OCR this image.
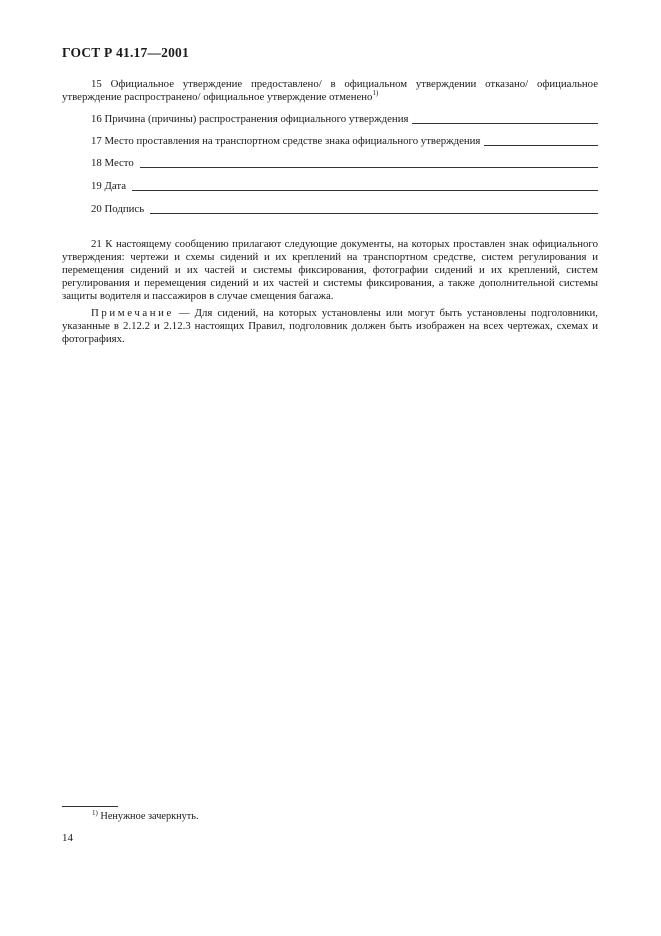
ГОСТ Р 41.17—2001
15 Официальное утверждение предоставлено/ в официальном утверждении отказано/ официальное утверждение распространено/ официальное утверждение отменено$^{1)}$
16 Причина (причины) распространения официального утверждения
17 Место проставления на транспортном средстве знака официального утверждения
18 Место
19 Дата
20 Подпись
21 К настоящему сообщению прилагают следующие документы, на которых проставлен знак официального утверждения: чертежи и схемы сидений и их креплений на транспортном средстве, систем регулирования и перемещения сидений и их частей и системы фиксирования, фотографии сидений и их креплений, систем регулирования и перемещения сидений и их частей и системы фиксирования, а также дополнительной системы защиты водителя и пассажиров в случае смещения багажа.
Примечание — Для сидений, на которых установлены или могут быть установлены подголовники, указанные в 2.12.2 и 2.12.3 настоящих Правил, подголовник должен быть изображен на всех чертежах, схемах и фотографиях.
$^{1)}$ Ненужное зачеркнуть.
14
